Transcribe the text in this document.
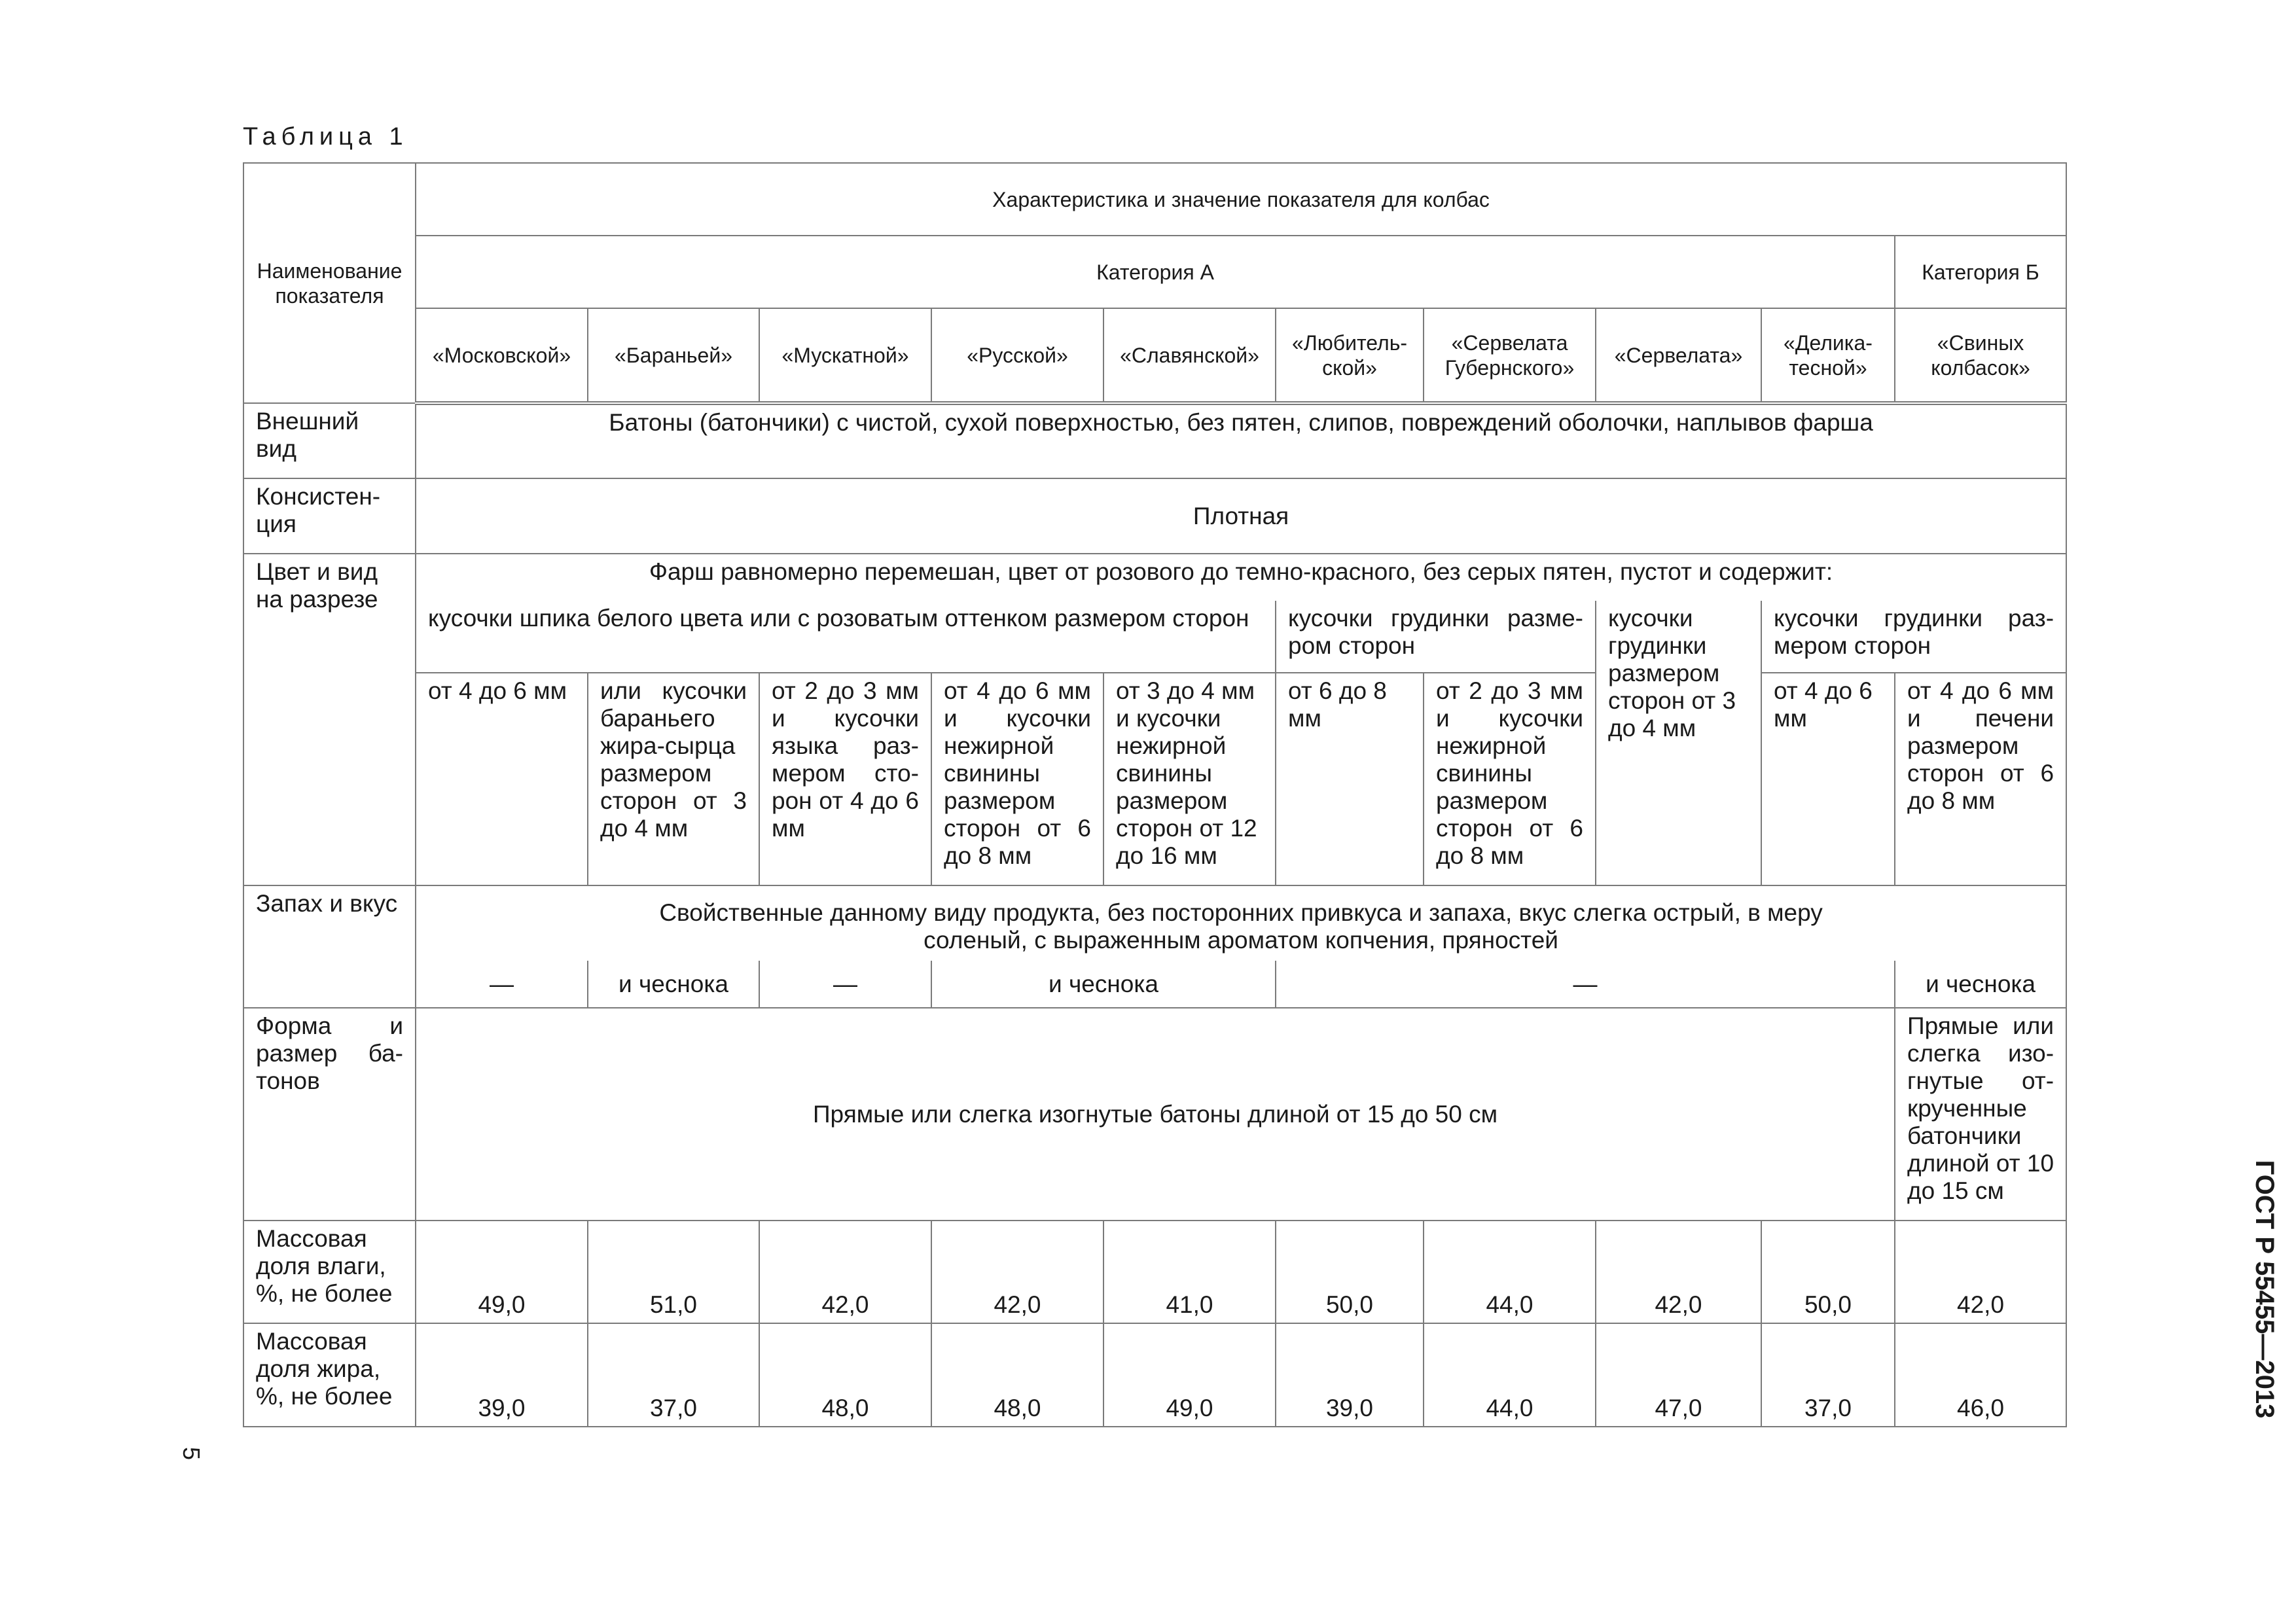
Таблица 1
5
ГОСТ Р 55455—2013
Наименование показателя	Характеристика и значение показателя для колбас									
	Категория А									Категория Б
	«Московской»	«Бараньей»	«Мускатной»	«Русской»	«Славянской»	«Любитель-ской»	«Сервелата Губернского»	«Сервелата»	«Делика-тесной»	«Свиных колбасок»
Внешний вид	Батоны (батончики) с чистой, сухой поверхностью, без пятен, слипов, повреждений оболочки, наплывов фарша									
Консистен-ция	Плотная									
Цвет и вид на разрезе	Фарш равномерно перемешан, цвет от розового до темно-красного, без серых пятен, пустот и содержит:									
	кусочки шпика белого цвета или с розоватым оттенком размером сторон					кусочки грудинки разме-ром сторон		кусочки грудинки размером сторон от 3 до 4 мм	кусочки грудинки раз-мером сторон	
	от 4 до 6 мм	или кусочки бараньего жира-сырца размером сторон от 3 до 4 мм	от 2 до 3 мм и кусочки языка раз-мером сто-рон от 4 до 6 мм	от 4 до 6 мм и кусочки нежирной свинины размером сторон от 6 до 8 мм	от 3 до 4 мм и кусочки нежирной свинины размером сторон от 12 до 16 мм	от 6 до 8 мм	от 2 до 3 мм и кусочки нежирной свинины размером сторон от 6 до 8 мм		от 4 до 6 мм	от 4 до 6 мм и печени размером сторон от 6 до 8 мм
Запах и вкус	Свойственные данному виду продукта, без посторонних привкуса и запаха, вкус слегка острый, в меру соленый, с выраженным ароматом копчения, пряностей									
	—	и чеснока	—	и чеснока		—				и чеснока
Форма и размер ба-тонов	Прямые или слегка изогнутые батоны длиной от 15 до 50 см									Прямые или слегка изо-гнутые от-крученные батончики длиной от 10 до 15 см
Массовая доля влаги, %, не более	49,0	51,0	42,0	42,0	41,0	50,0	44,0	42,0	50,0	42,0
Массовая доля жира, %, не более	39,0	37,0	48,0	48,0	49,0	39,0	44,0	47,0	37,0	46,0
